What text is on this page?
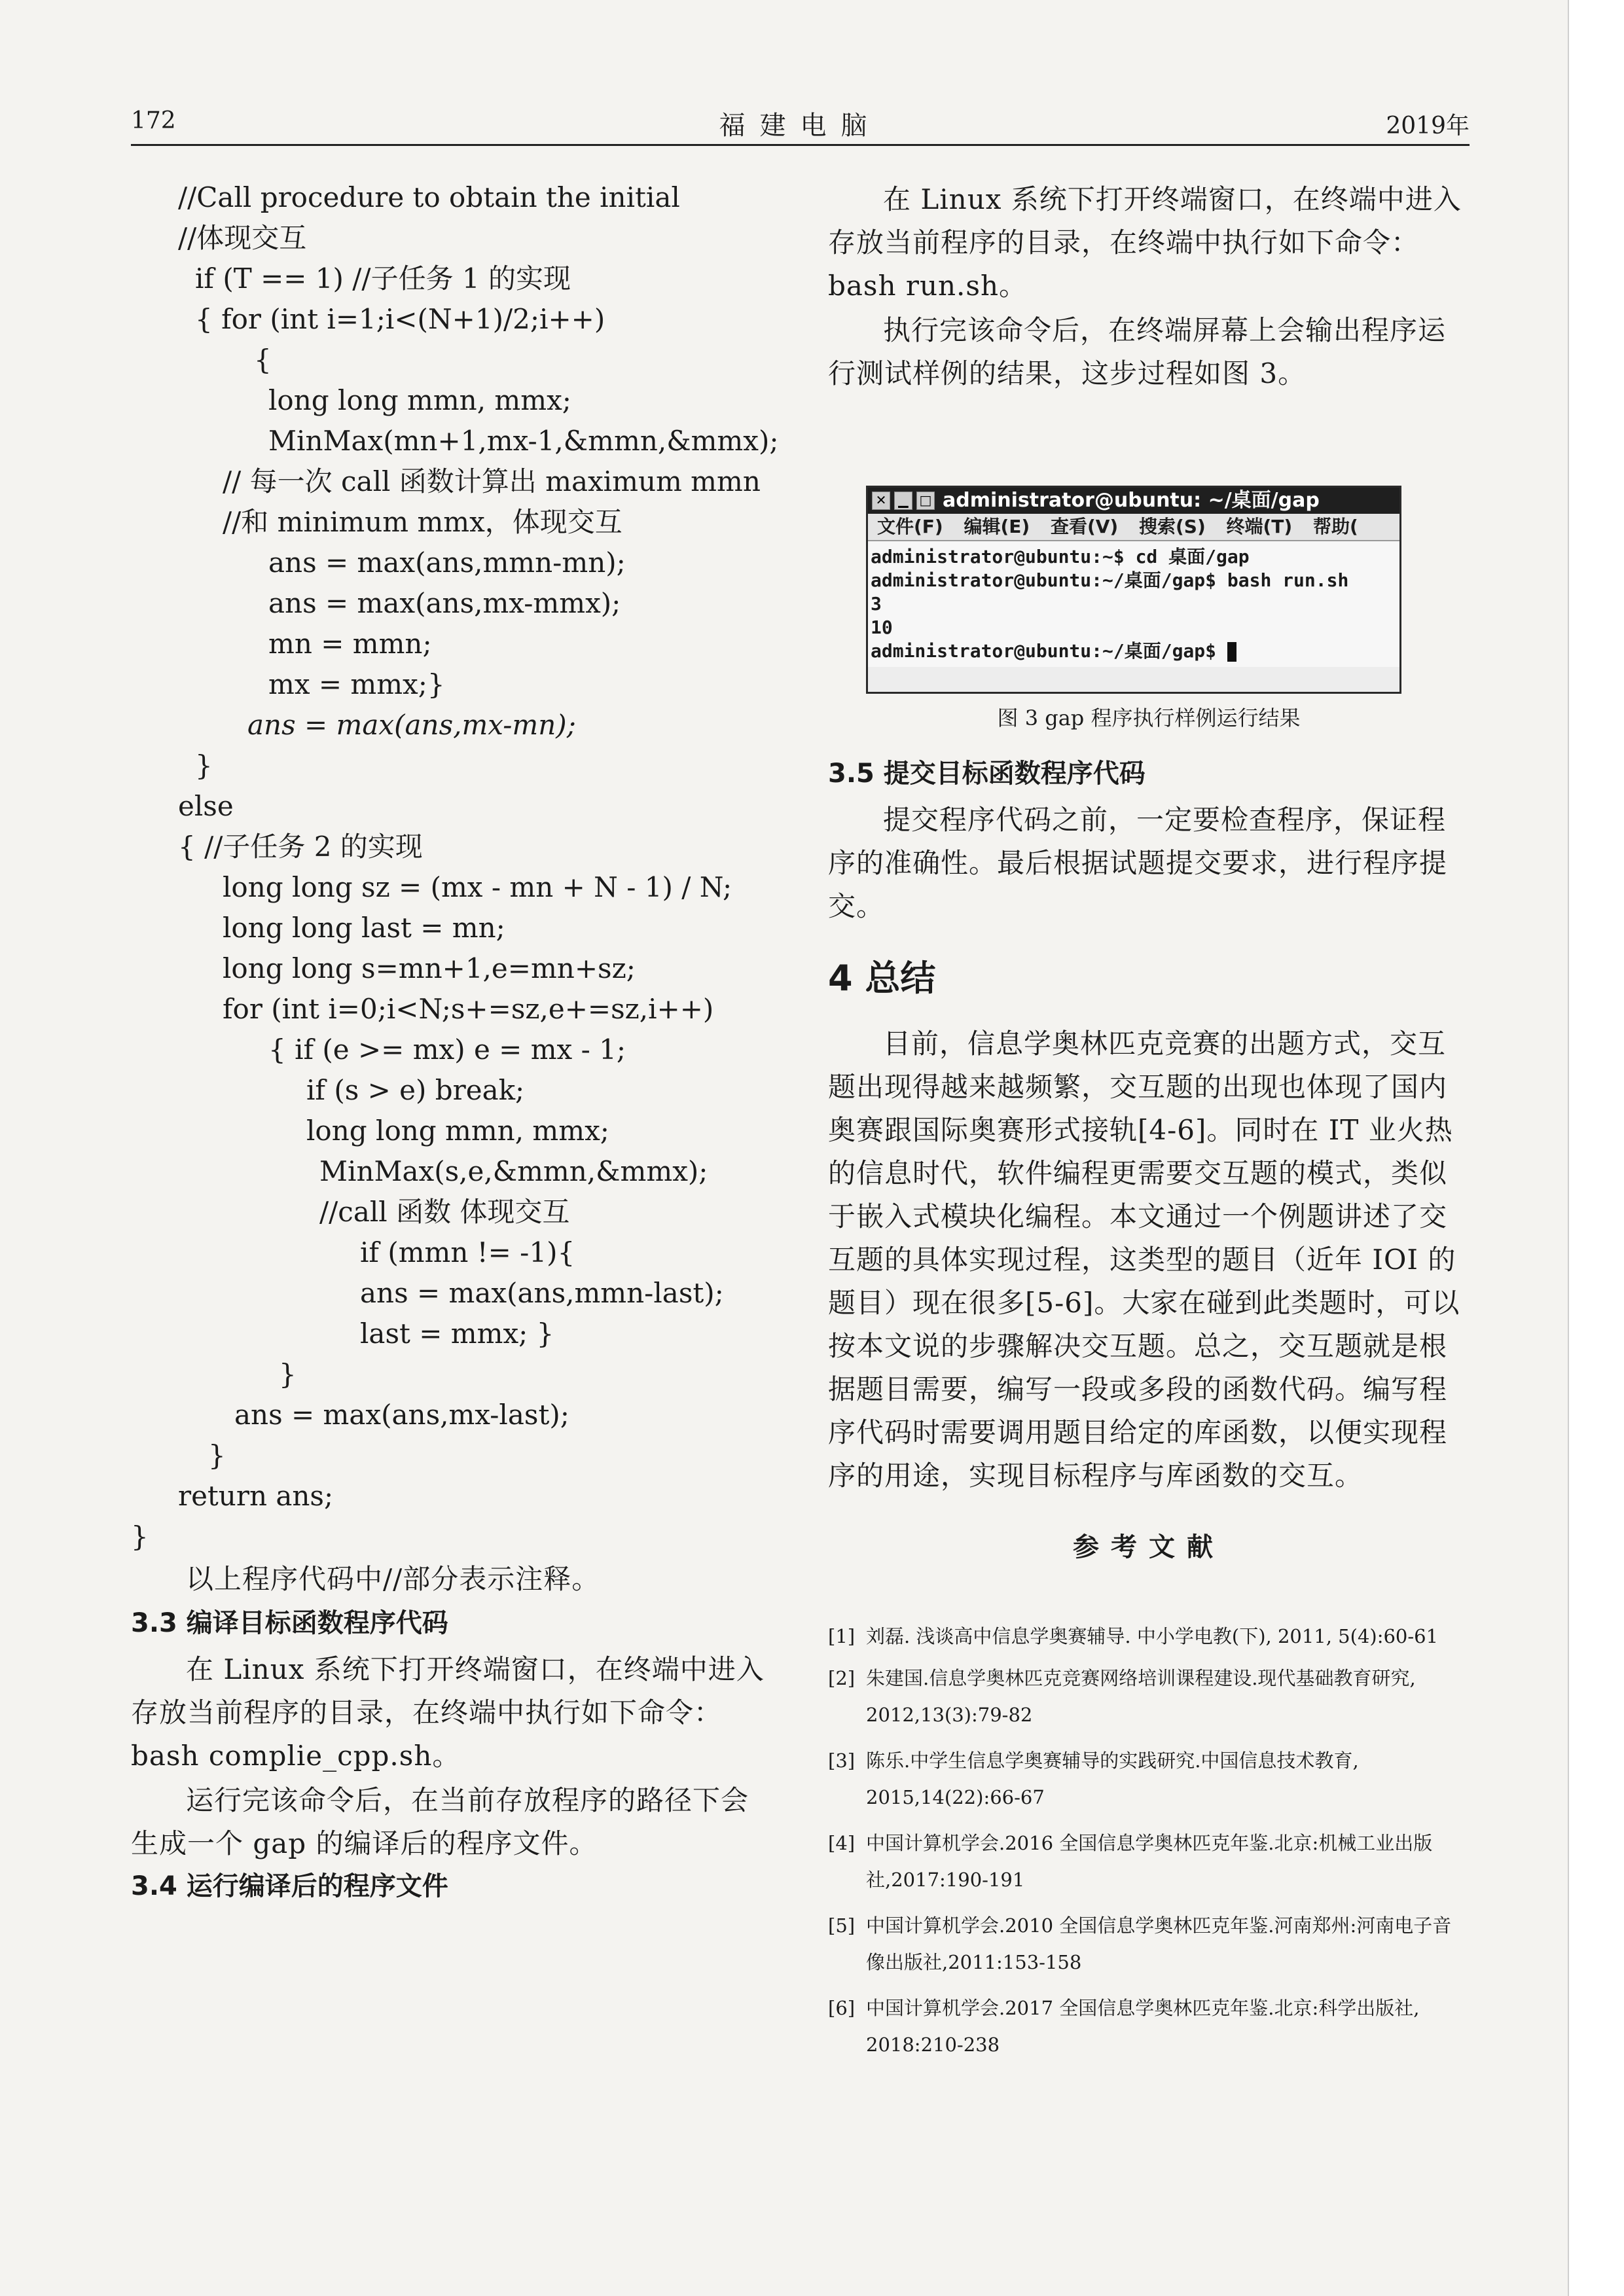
172	福建电脑	2019年
//Call procedure to obtain the initial
//体现交互
if (T == 1) //子任务 1 的实现
{ for (int i=1;i<(N+1)/2;i++)
{
long long mmn, mmx;
MinMax(mn+1,mx-1,&mmn,&mmx);
// 每一次 call 函数计算出 maximum mmn
//和 minimum mmx，体现交互
ans = max(ans,mmn-mn);
ans = max(ans,mx-mmx);
mn = mmn;
mx = mmx;}
ans = max(ans,mx-mn);
}
else
{ //子任务 2 的实现
long long sz = (mx - mn + N - 1) / N;
long long last = mn;
long long s=mn+1,e=mn+sz;
for (int i=0;i<N;s+=sz,e+=sz,i++)
{ if (e >= mx) e = mx - 1;
if (s > e) break;
long long mmn, mmx;
MinMax(s,e,&mmn,&mmx);
//call 函数 体现交互
if (mmn != -1){
ans = max(ans,mmn-last);
last = mmx; }
}
ans = max(ans,mx-last);
}
return ans;
}
以上程序代码中//部分表示注释。
3.3 编译目标函数程序代码
在 Linux 系统下打开终端窗口，在终端中进入存放当前程序的目录，在终端中执行如下命令：bash complie_cpp.sh。
运行完该命令后，在当前存放程序的路径下会生成一个 gap 的编译后的程序文件。
3.4 运行编译后的程序文件
在 Linux 系统下打开终端窗口，在终端中进入存放当前程序的目录，在终端中执行如下命令：bash run.sh。
执行完该命令后，在终端屏幕上会输出程序运行测试样例的结果，这步过程如图 3。
✕ ▁ □ administrator@ubuntu: ~/桌面/gap
文件(F) 编辑(E) 查看(V) 搜索(S) 终端(T) 帮助(
administrator@ubuntu:~$ cd 桌面/gap
administrator@ubuntu:~/桌面/gap$ bash run.sh
3
10
administrator@ubuntu:~/桌面/gap$
图 3 gap 程序执行样例运行结果
3.5 提交目标函数程序代码
提交程序代码之前，一定要检查程序，保证程序的准确性。最后根据试题提交要求，进行程序提交。
4 总结
目前，信息学奥林匹克竞赛的出题方式，交互题出现得越来越频繁，交互题的出现也体现了国内奥赛跟国际奥赛形式接轨[4-6]。同时在 IT 业火热的信息时代，软件编程更需要交互题的模式，类似于嵌入式模块化编程。本文通过一个例题讲述了交互题的具体实现过程，这类型的题目（近年 IOI 的题目）现在很多[5-6]。大家在碰到此类题时，可以按本文说的步骤解决交互题。总之，交互题就是根据题目需要，编写一段或多段的函数代码。编写程序代码时需要调用题目给定的库函数，以便实现程序的用途，实现目标程序与库函数的交互。
参考文献
[1] 刘磊. 浅谈高中信息学奥赛辅导. 中小学电教(下), 2011, 5(4):60-61
[2] 朱建国.信息学奥林匹克竞赛网络培训课程建设.现代基础教育研究, 2012,13(3):79-82
[3] 陈乐.中学生信息学奥赛辅导的实践研究.中国信息技术教育, 2015,14(22):66-67
[4] 中国计算机学会.2016 全国信息学奥林匹克年鉴.北京:机械工业出版社,2017:190-191
[5] 中国计算机学会.2010 全国信息学奥林匹克年鉴.河南郑州:河南电子音像出版社,2011:153-158
[6] 中国计算机学会.2017 全国信息学奥林匹克年鉴.北京:科学出版社, 2018:210-238
